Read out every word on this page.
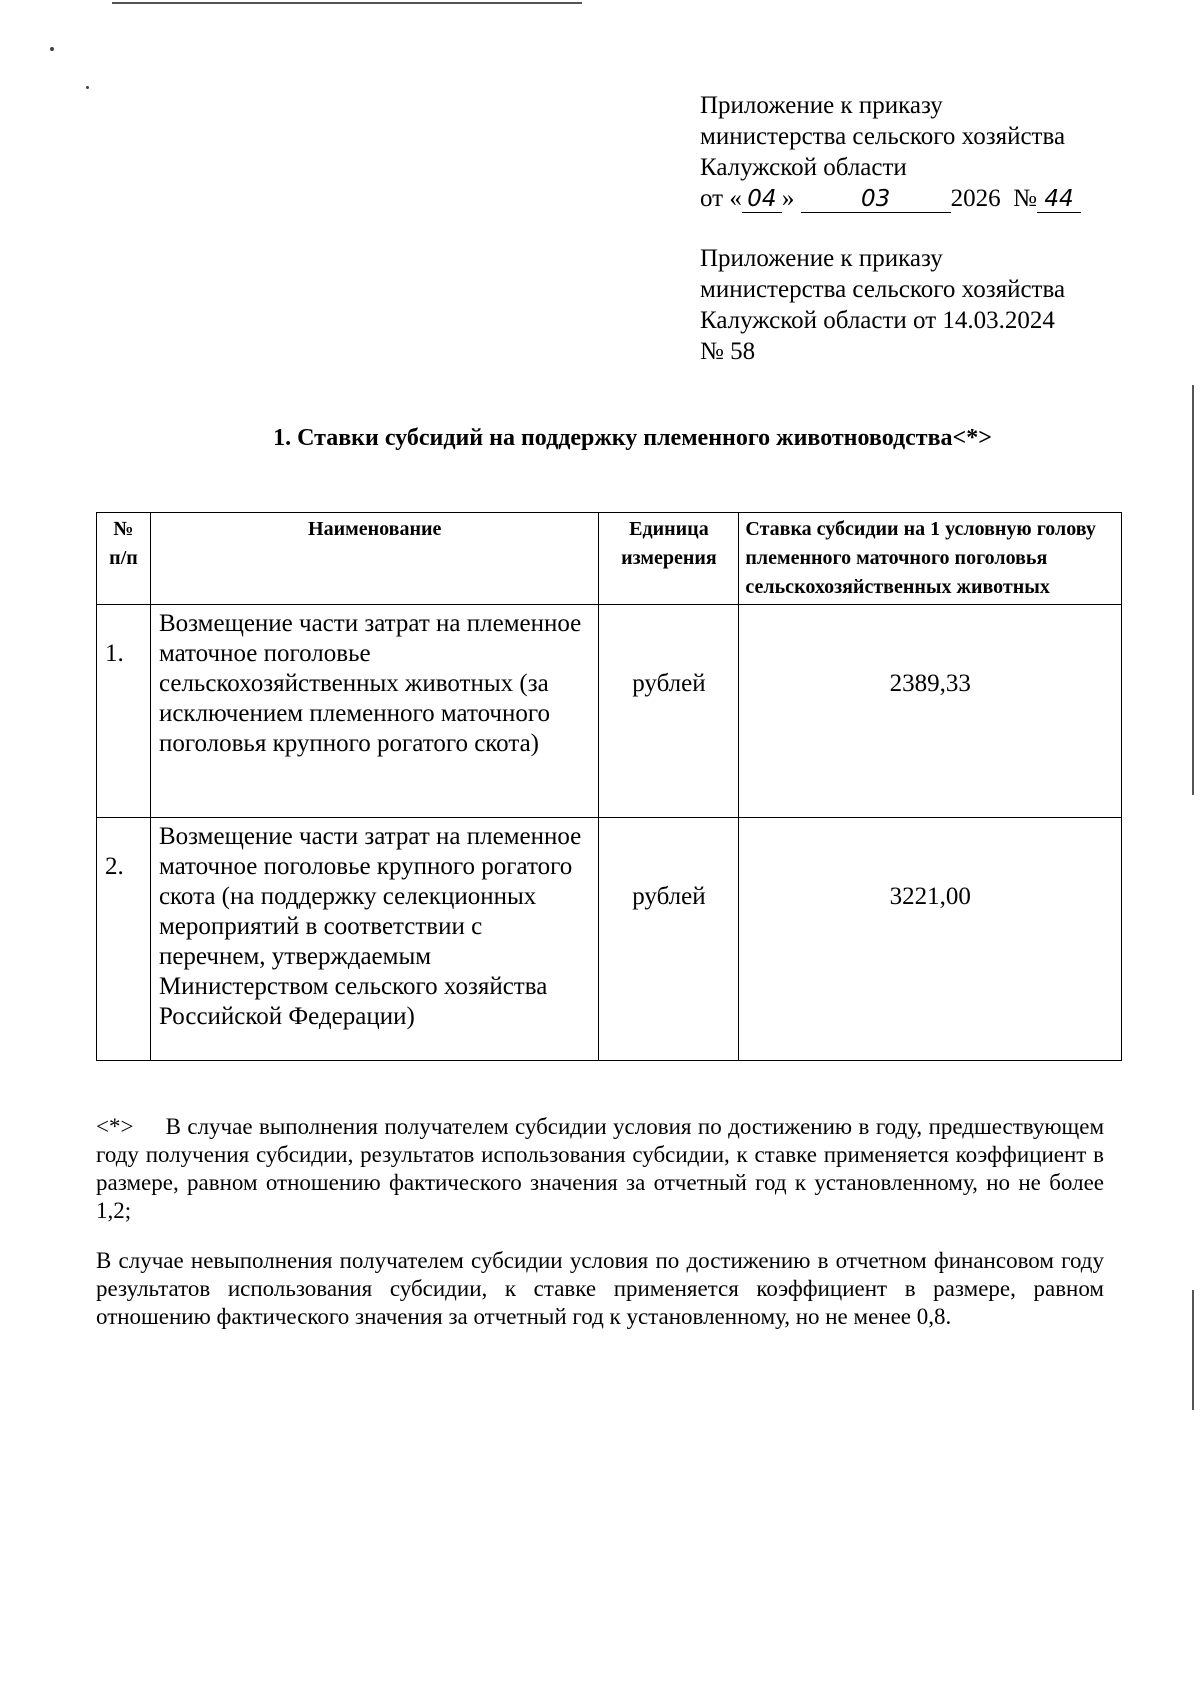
Приложение к приказу
министерства сельского хозяйства
Калужской области
от « 04 »	03 2026 № 44
Приложение к приказу
министерства сельского хозяйства
Калужской области от 14.03.2024
№ 58
1. Ставки субсидий на поддержку племенного животноводства<*>
№ п/п	Наименование	Единица измерения	Ставка субсидии на 1 условную голову племенного маточного поголовья сельскохозяйственных животных
1.	Возмещение части затрат на племенное маточное поголовье сельскохозяйственных животных (за исключением племенного маточного поголовья крупного рогатого скота)	рублей	2389,33
2.	Возмещение части затрат на племенное маточное поголовье крупного рогатого скота (на поддержку селекционных мероприятий в соответствии с перечнем, утверждаемым Министерством сельского хозяйства Российской Федерации)	рублей	3221,00
<*>     В случае выполнения получателем субсидии условия по достижению в году, предшествующем году получения субсидии, результатов использования субсидии, к ставке применяется коэффициент в размере, равном отношению фактического значения за отчетный год к установленному, но не более 1,2;
В случае невыполнения получателем субсидии условия по достижению в отчетном финансовом году результатов использования субсидии, к ставке применяется коэффициент в размере, равном отношению фактического значения за отчетный год к установленному, но не менее 0,8.
